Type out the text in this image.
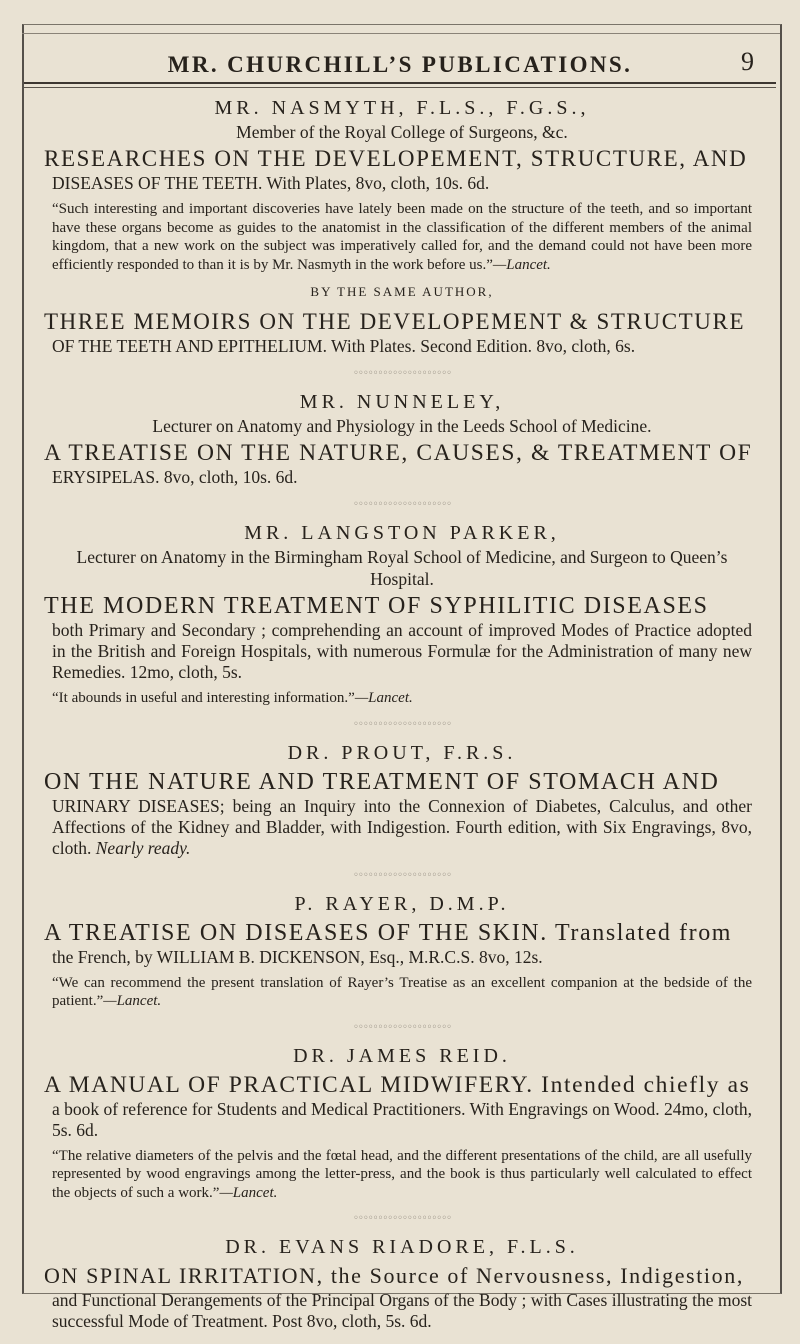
MR. CHURCHILL’S PUBLICATIONS.	9

MR. NASMYTH, F.L.S., F.G.S.,

Member of the Royal College of Surgeons, &c.

RESEARCHES ON THE DEVELOPEMENT, STRUCTURE, AND

DISEASES OF THE TEETH. With Plates, 8vo, cloth, 10s. 6d.

“Such interesting and important discoveries have lately been made on the structure of the teeth, and so important have these organs become as guides to the anatomist in the classification of the different members of the animal kingdom, that a new work on the subject was imperatively called for, and the demand could not have been more efficiently responded to than it is by Mr. Nasmyth in the work before us.”—Lancet.

BY THE SAME AUTHOR,

THREE MEMOIRS ON THE DEVELOPEMENT & STRUCTURE

OF THE TEETH AND EPITHELIUM. With Plates. Second Edition. 8vo, cloth, 6s.

◦◦◦◦◦◦◦◦◦◦◦◦◦◦◦◦◦◦◦◦

MR. NUNNELEY,

Lecturer on Anatomy and Physiology in the Leeds School of Medicine.

A TREATISE ON THE NATURE, CAUSES, & TREATMENT OF

ERYSIPELAS. 8vo, cloth, 10s. 6d.

◦◦◦◦◦◦◦◦◦◦◦◦◦◦◦◦◦◦◦◦

MR. LANGSTON PARKER,

Lecturer on Anatomy in the Birmingham Royal School of Medicine, and Surgeon to Queen’s Hospital.

THE MODERN TREATMENT OF SYPHILITIC DISEASES

both Primary and Secondary ; comprehending an account of improved Modes of Practice adopted in the British and Foreign Hospitals, with numerous Formulæ for the Administration of many new Remedies. 12mo, cloth, 5s.

“It abounds in useful and interesting information.”—Lancet.

◦◦◦◦◦◦◦◦◦◦◦◦◦◦◦◦◦◦◦◦

DR. PROUT, F.R.S.

ON THE NATURE AND TREATMENT OF STOMACH AND

URINARY DISEASES; being an Inquiry into the Connexion of Diabetes, Calculus, and other Affections of the Kidney and Bladder, with Indigestion. Fourth edition, with Six Engravings, 8vo, cloth. Nearly ready.

◦◦◦◦◦◦◦◦◦◦◦◦◦◦◦◦◦◦◦◦

P. RAYER, D.M.P.

A TREATISE ON DISEASES OF THE SKIN. Translated from

the French, by WILLIAM B. DICKENSON, Esq., M.R.C.S. 8vo, 12s.

“We can recommend the present translation of Rayer’s Treatise as an excellent companion at the bedside of the patient.”—Lancet.

◦◦◦◦◦◦◦◦◦◦◦◦◦◦◦◦◦◦◦◦

DR. JAMES REID.

A MANUAL OF PRACTICAL MIDWIFERY. Intended chiefly as

a book of reference for Students and Medical Practitioners. With Engravings on Wood. 24mo, cloth, 5s. 6d.

“The relative diameters of the pelvis and the fœtal head, and the different presentations of the child, are all usefully represented by wood engravings among the letter-press, and the book is thus particularly well calculated to effect the objects of such a work.”—Lancet.

◦◦◦◦◦◦◦◦◦◦◦◦◦◦◦◦◦◦◦◦

DR. EVANS RIADORE, F.L.S.

ON SPINAL IRRITATION, the Source of Nervousness, Indigestion,

and Functional Derangements of the Principal Organs of the Body ; with Cases illustrating the most successful Mode of Treatment. Post 8vo, cloth, 5s. 6d.
